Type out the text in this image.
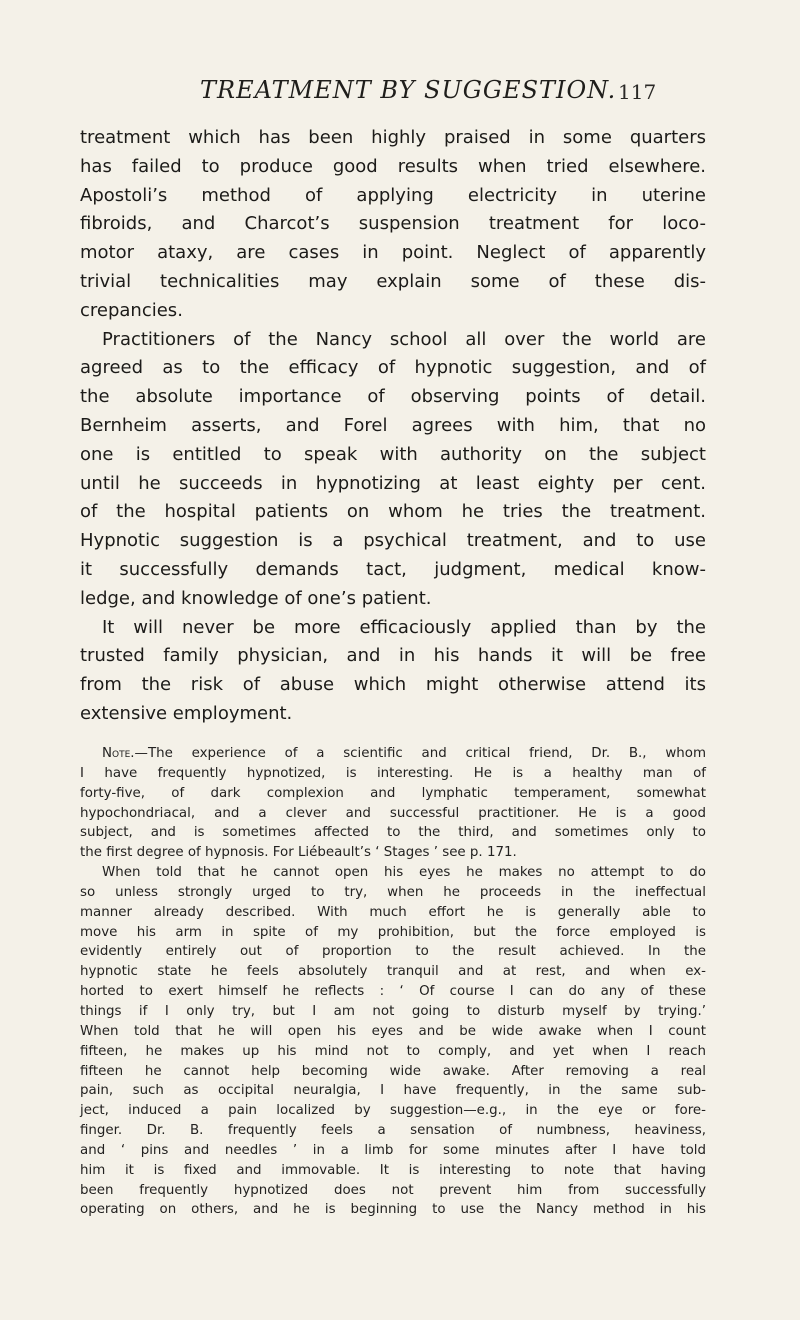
TREATMENT BY SUGGESTION. 117
treatment which has been highly praised in some quarters
has failed to produce good results when tried elsewhere.
Apostoli’s method of applying electricity in uterine
fibroids, and Charcot’s suspension treatment for loco-
motor ataxy, are cases in point. Neglect of apparently
trivial technicalities may explain some of these dis-
crepancies.
Practitioners of the Nancy school all over the world are
agreed as to the efficacy of hypnotic suggestion, and of
the absolute importance of observing points of detail.
Bernheim asserts, and Forel agrees with him, that no
one is entitled to speak with authority on the subject
until he succeeds in hypnotizing at least eighty per cent.
of the hospital patients on whom he tries the treatment.
Hypnotic suggestion is a psychical treatment, and to use
it successfully demands tact, judgment, medical know-
ledge, and knowledge of one’s patient.
It will never be more efficaciously applied than by the
trusted family physician, and in his hands it will be free
from the risk of abuse which might otherwise attend its
extensive employment.
Note.—The experience of a scientific and critical friend, Dr. B., whom
I have frequently hypnotized, is interesting. He is a healthy man of
forty-five, of dark complexion and lymphatic temperament, somewhat
hypochondriacal, and a clever and successful practitioner. He is a good
subject, and is sometimes affected to the third, and sometimes only to
the first degree of hypnosis. For Liébeault’s ‘ Stages ’ see p. 171.
When told that he cannot open his eyes he makes no attempt to do
so unless strongly urged to try, when he proceeds in the ineffectual
manner already described. With much effort he is generally able to
move his arm in spite of my prohibition, but the force employed is
evidently entirely out of proportion to the result achieved. In the
hypnotic state he feels absolutely tranquil and at rest, and when ex-
horted to exert himself he reflects : ‘ Of course I can do any of these
things if I only try, but I am not going to disturb myself by trying.’
When told that he will open his eyes and be wide awake when I count
fifteen, he makes up his mind not to comply, and yet when I reach
fifteen he cannot help becoming wide awake. After removing a real
pain, such as occipital neuralgia, I have frequently, in the same sub-
ject, induced a pain localized by suggestion—e.g., in the eye or fore-
finger. Dr. B. frequently feels a sensation of numbness, heaviness,
and ‘ pins and needles ’ in a limb for some minutes after I have told
him it is fixed and immovable. It is interesting to note that having
been frequently hypnotized does not prevent him from successfully
operating on others, and he is beginning to use the Nancy method in his
